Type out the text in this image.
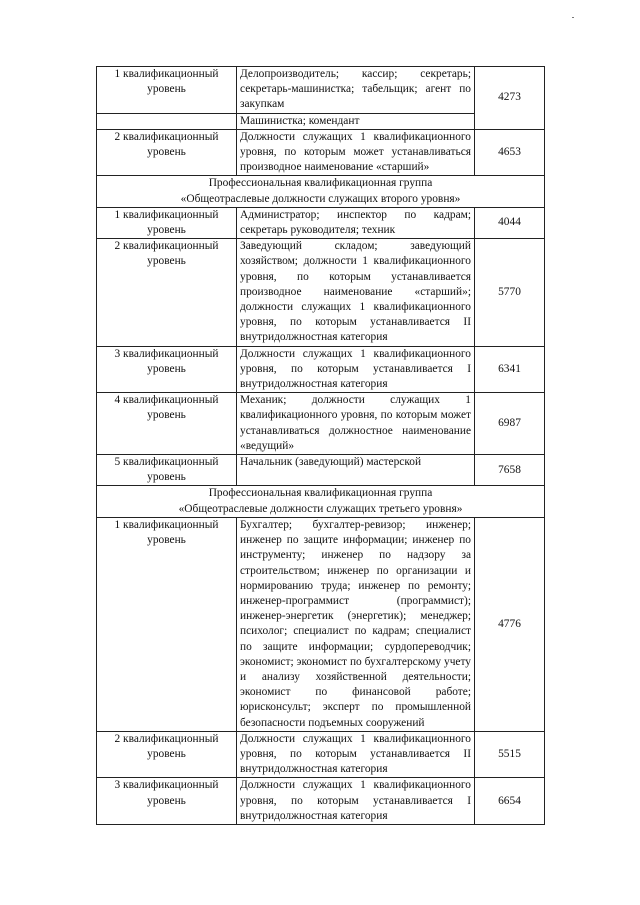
1 квалификационный уровень	Делопроизводитель; кассир; секретарь; секретарь-машинистка; табельщик; агент по закупкам	4273
	Машинистка; комендант	
2 квалификационный уровень	Должности служащих 1 квалификационного уровня, по которым может устанавливаться производное наименование «старший»	4653

Профессиональная квалификационная группа
«Общеотраслевые должности служащих второго уровня»		

1 квалификационный уровень	Администратор; инспектор по кадрам; секретарь руководителя; техник	4044
2 квалификационный уровень	Заведующий складом; заведующий хозяйством; должности 1 квалификационного уровня, по которым устанавливается производное наименование «старший»; должности служащих 1 квалификационного уровня, по которым устанавливается II внутридолжностная категория	5770
3 квалификационный уровень	Должности служащих 1 квалификационного уровня, по которым устанавливается I внутридолжностная категория	6341
4 квалификационный уровень	Механик; должности служащих 1 квалификационного уровня, по которым может устанавливаться должностное наименование «ведущий»	6987
5 квалификационный уровень	Начальник (заведующий) мастерской	7658

Профессиональная квалификационная группа
«Общеотраслевые должности служащих третьего уровня»		

1 квалификационный уровень	Бухгалтер; бухгалтер-ревизор; инженер; инженер по защите информации; инженер по инструменту; инженер по надзору за строительством; инженер по организации и нормированию труда; инженер по ремонту; инженер-программист (программист); инженер-энергетик (энергетик); менеджер; психолог; специалист по кадрам; специалист по защите информации; сурдопереводчик; экономист; экономист по бухгалтерскому учету и анализу хозяйственной деятельности; экономист по финансовой работе; юрисконсульт; эксперт по промышленной безопасности подъемных сооружений	4776
2 квалификационный уровень	Должности служащих 1 квалификационного уровня, по которым устанавливается II внутридолжностная категория	5515
3 квалификационный уровень	Должности служащих 1 квалификационного уровня, по которым устанавливается I внутридолжностная категория	6654
